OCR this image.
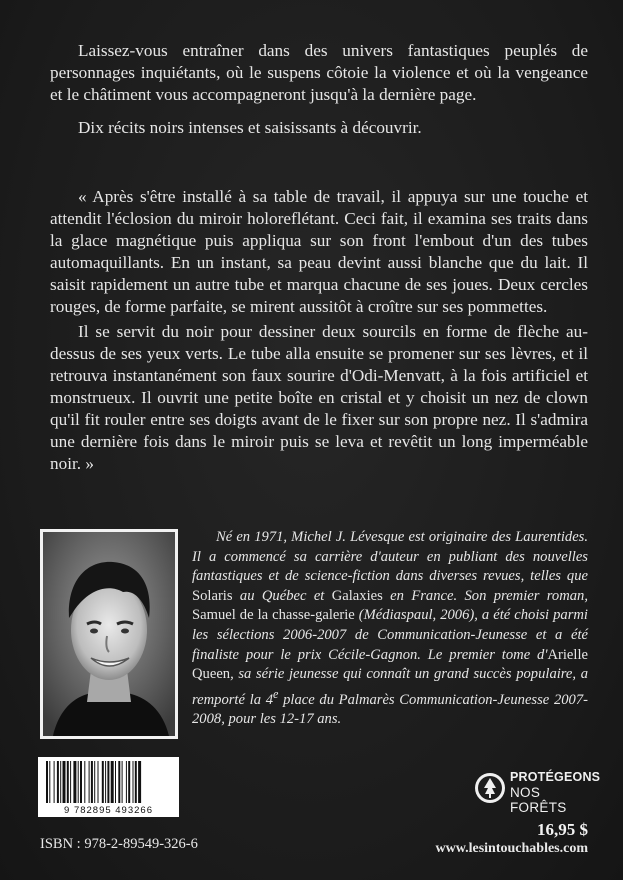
Laissez-vous entraîner dans des univers fantastiques peuplés de personnages inquiétants, où le suspens côtoie la violence et où la vengeance et le châtiment vous accompagneront jusqu'à la dernière page.

Dix récits noirs intenses et saisissants à découvrir.

« Après s'être installé à sa table de travail, il appuya sur une touche et attendit l'éclosion du miroir holoreflétant. Ceci fait, il examina ses traits dans la glace magnétique puis appliqua sur son front l'embout d'un des tubes automaquillants. En un instant, sa peau devint aussi blanche que du lait. Il saisit rapidement un autre tube et marqua chacune de ses joues. Deux cercles rouges, de forme parfaite, se mirent aussitôt à croître sur ses pommettes.

Il se servit du noir pour dessiner deux sourcils en forme de flèche au-dessus de ses yeux verts. Le tube alla ensuite se promener sur ses lèvres, et il retrouva instantanément son faux sourire d'Odi-Menvatt, à la fois artificiel et monstrueux. Il ouvrit une petite boîte en cristal et y choisit un nez de clown qu'il fit rouler entre ses doigts avant de le fixer sur son propre nez. Il s'admira une dernière fois dans le miroir puis se leva et revêtit un long imperméable noir. »

Né en 1971, Michel J. Lévesque est originaire des Laurentides. Il a commencé sa carrière d'auteur en publiant des nouvelles fantastiques et de science-fiction dans diverses revues, telles que Solaris au Québec et Galaxies en France. Son premier roman, Samuel de la chasse-galerie (Médiaspaul, 2006), a été choisi parmi les sélections 2006-2007 de Communication-Jeunesse et a été finaliste pour le prix Cécile-Gagnon. Le premier tome d'Arielle Queen, sa série jeunesse qui connaît un grand succès populaire, a remporté la 4e place du Palmarès Communication-Jeunesse 2007-2008, pour les 12-17 ans.

9 782895 493266
ISBN : 978-2-89549-326-6
PROTÉGEONS
NOS FORÊTS
16,95 $
www.lesintouchables.com
